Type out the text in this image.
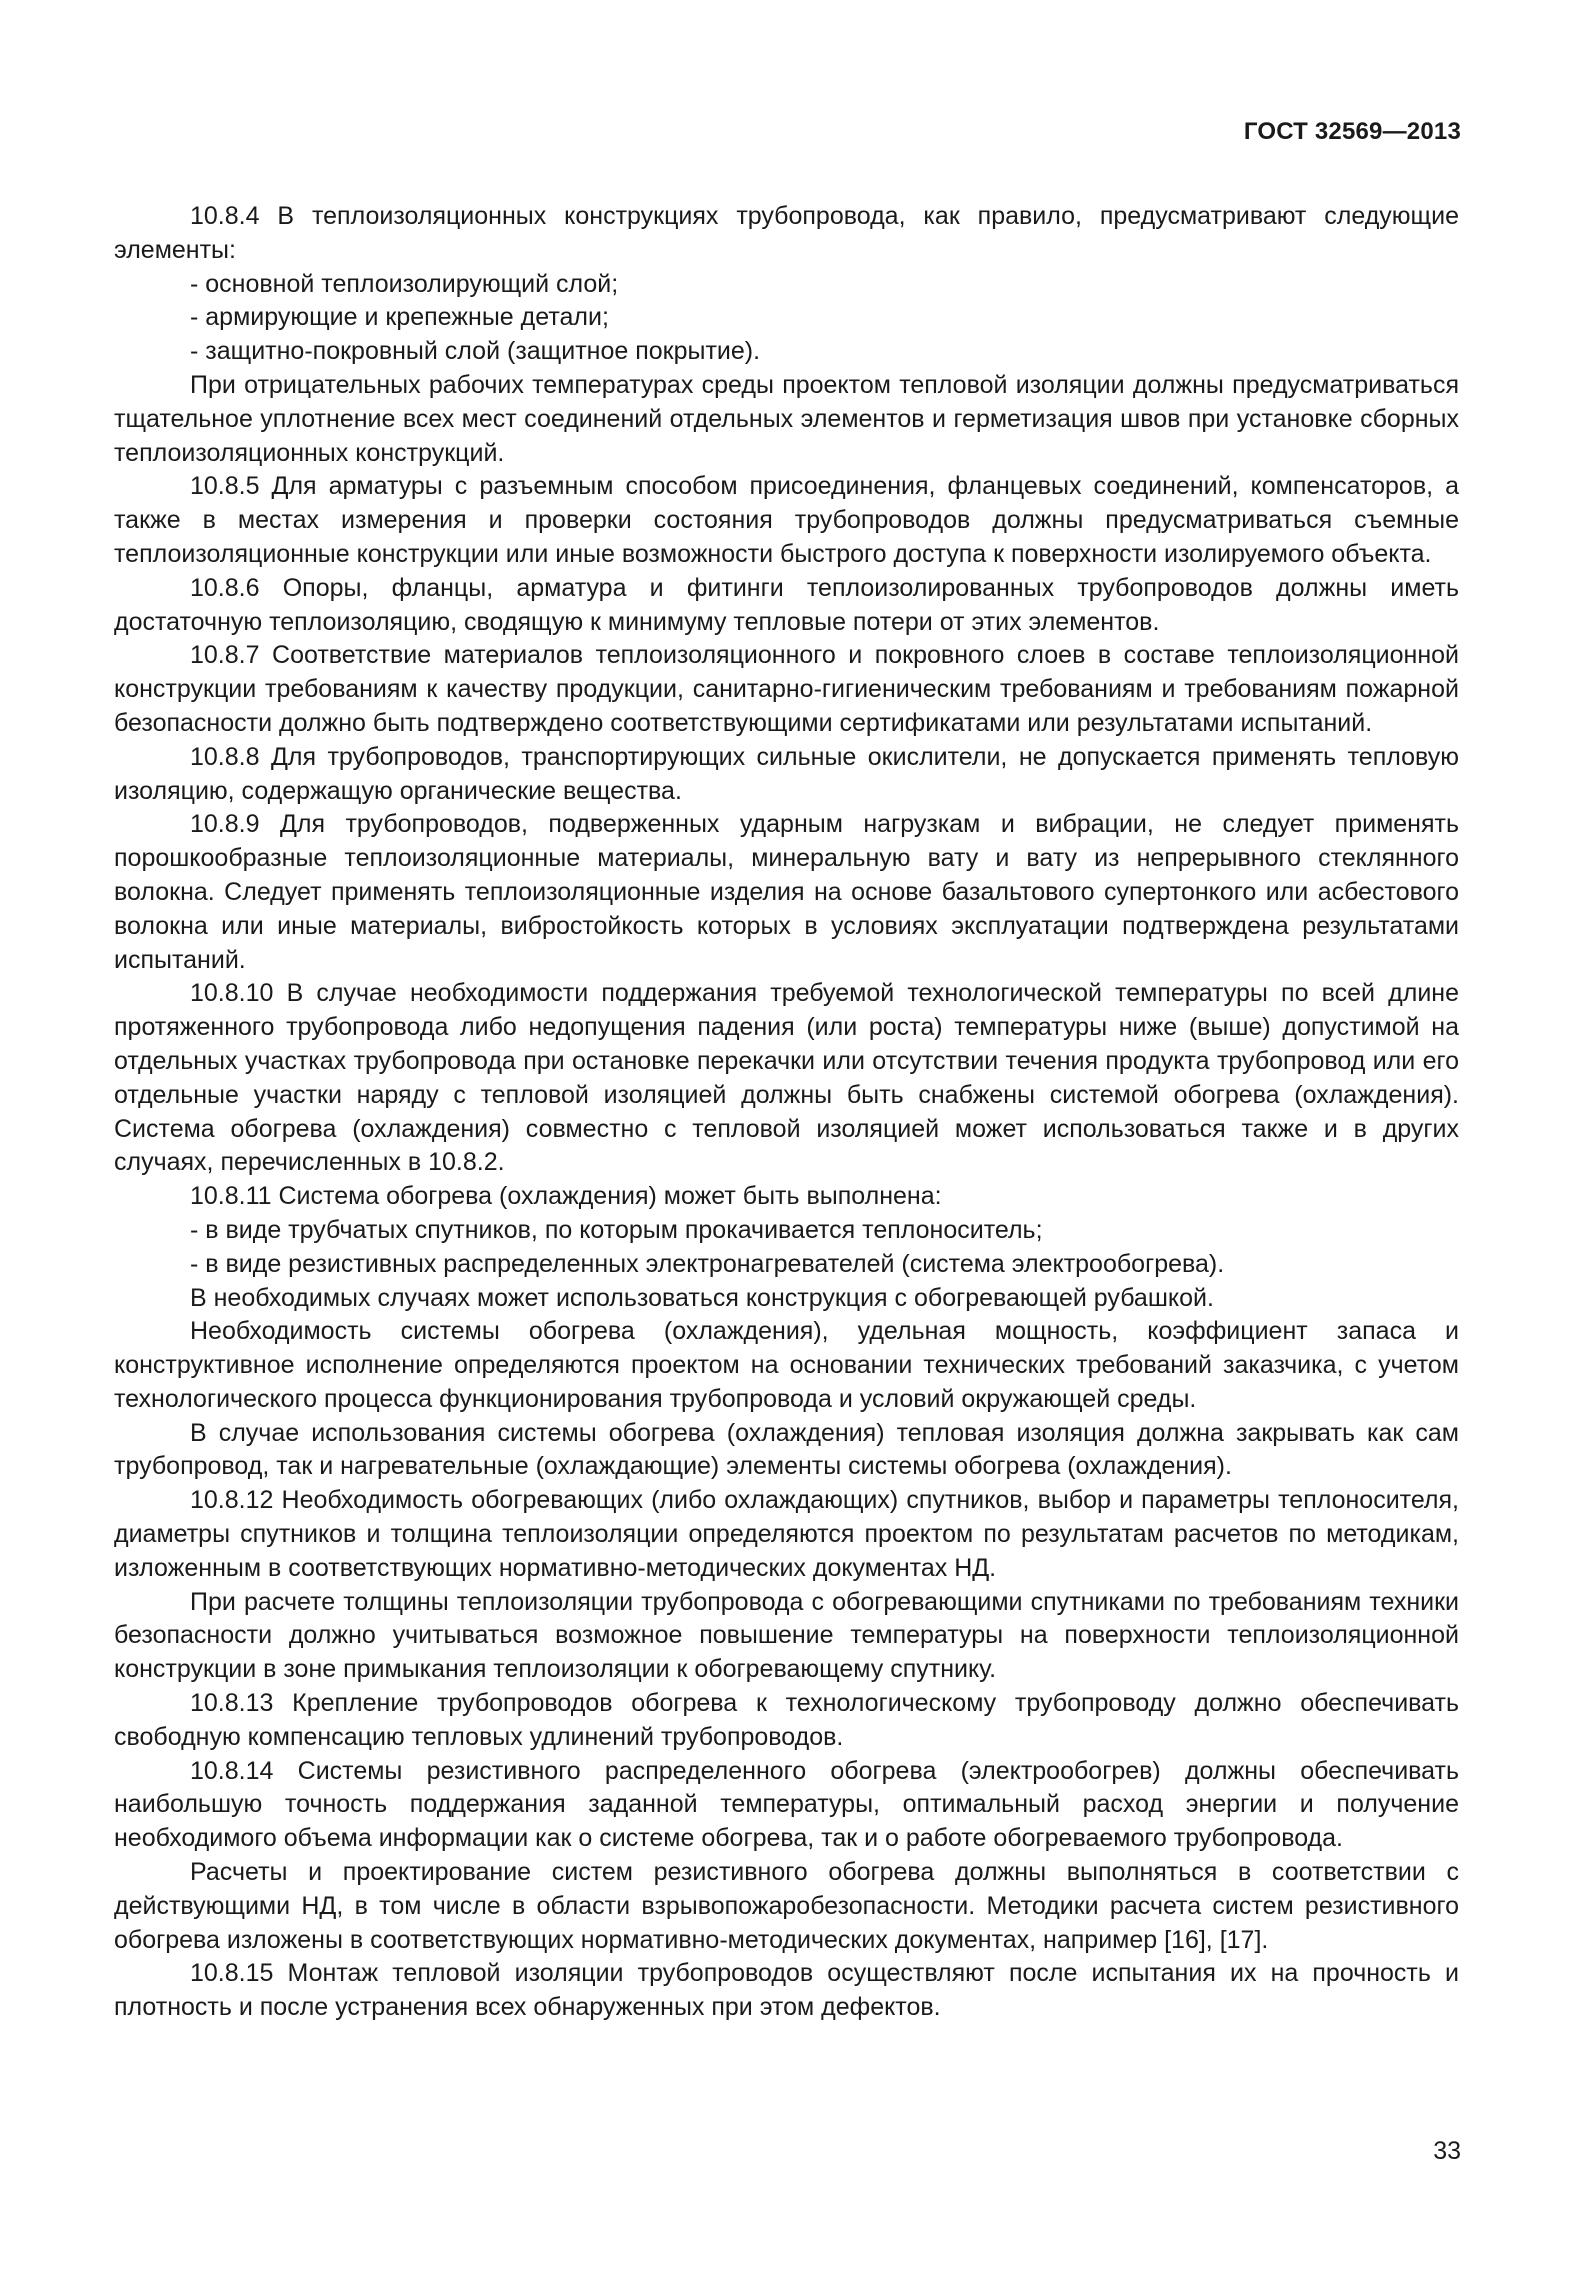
ГОСТ 32569—2013

10.8.4 В теплоизоляционных конструкциях трубопровода, как правило, предусматривают следующие элементы:

- основной теплоизолирующий слой;

- армирующие и крепежные детали;

- защитно-покровный слой (защитное покрытие).

При отрицательных рабочих температурах среды проектом тепловой изоляции должны предусматриваться тщательное уплотнение всех мест соединений отдельных элементов и герметизация швов при установке сборных теплоизоляционных конструкций.

10.8.5 Для арматуры с разъемным способом присоединения, фланцевых соединений, компенсаторов, а также в местах измерения и проверки состояния трубопроводов должны предусматриваться съемные теплоизоляционные конструкции или иные возможности быстрого доступа к поверхности изолируемого объекта.

10.8.6 Опоры, фланцы, арматура и фитинги теплоизолированных трубопроводов должны иметь достаточную теплоизоляцию, сводящую к минимуму тепловые потери от этих элементов.

10.8.7 Соответствие материалов теплоизоляционного и покровного слоев в составе теплоизоляционной конструкции требованиям к качеству продукции, санитарно-гигиеническим требованиям и требованиям пожарной безопасности должно быть подтверждено соответствующими сертификатами или результатами испытаний.

10.8.8 Для трубопроводов, транспортирующих сильные окислители, не допускается применять тепловую изоляцию, содержащую органические вещества.

10.8.9 Для трубопроводов, подверженных ударным нагрузкам и вибрации, не следует применять порошкообразные теплоизоляционные материалы, минеральную вату и вату из непрерывного стеклянного волокна. Следует применять теплоизоляционные изделия на основе базальтового супертонкого или асбестового волокна или иные материалы, вибростойкость которых в условиях эксплуатации подтверждена результатами испытаний.

10.8.10 В случае необходимости поддержания требуемой технологической температуры по всей длине протяженного трубопровода либо недопущения падения (или роста) температуры ниже (выше) допустимой на отдельных участках трубопровода при остановке перекачки или отсутствии течения продукта трубопровод или его отдельные участки наряду с тепловой изоляцией должны быть снабжены системой обогрева (охлаждения). Система обогрева (охлаждения) совместно с тепловой изоляцией может использоваться также и в других случаях, перечисленных в 10.8.2.

10.8.11 Система обогрева (охлаждения) может быть выполнена:

- в виде трубчатых спутников, по которым прокачивается теплоноситель;

- в виде резистивных распределенных электронагревателей (система электрообогрева).

В необходимых случаях может использоваться конструкция с обогревающей рубашкой.

Необходимость системы обогрева (охлаждения), удельная мощность, коэффициент запаса и конструктивное исполнение определяются проектом на основании технических требований заказчика, с учетом технологического процесса функционирования трубопровода и условий окружающей среды.

В случае использования системы обогрева (охлаждения) тепловая изоляция должна закрывать как сам трубопровод, так и нагревательные (охлаждающие) элементы системы обогрева (охлаждения).

10.8.12 Необходимость обогревающих (либо охлаждающих) спутников, выбор и параметры теплоносителя, диаметры спутников и толщина теплоизоляции определяются проектом по результатам расчетов по методикам, изложенным в соответствующих нормативно-методических документах НД.

При расчете толщины теплоизоляции трубопровода с обогревающими спутниками по требованиям техники безопасности должно учитываться возможное повышение температуры на поверхности теплоизоляционной конструкции в зоне примыкания теплоизоляции к обогревающему спутнику.

10.8.13 Крепление трубопроводов обогрева к технологическому трубопроводу должно обеспечивать свободную компенсацию тепловых удлинений трубопроводов.

10.8.14 Системы резистивного распределенного обогрева (электрообогрев) должны обеспечивать наибольшую точность поддержания заданной температуры, оптимальный расход энергии и получение необходимого объема информации как о системе обогрева, так и о работе обогреваемого трубопровода.

Расчеты и проектирование систем резистивного обогрева должны выполняться в соответствии с действующими НД, в том числе в области взрывопожаробезопасности. Методики расчета систем резистивного обогрева изложены в соответствующих нормативно-методических документах, например [16], [17].

10.8.15 Монтаж тепловой изоляции трубопроводов осуществляют после испытания их на прочность и плотность и после устранения всех обнаруженных при этом дефектов.

33
